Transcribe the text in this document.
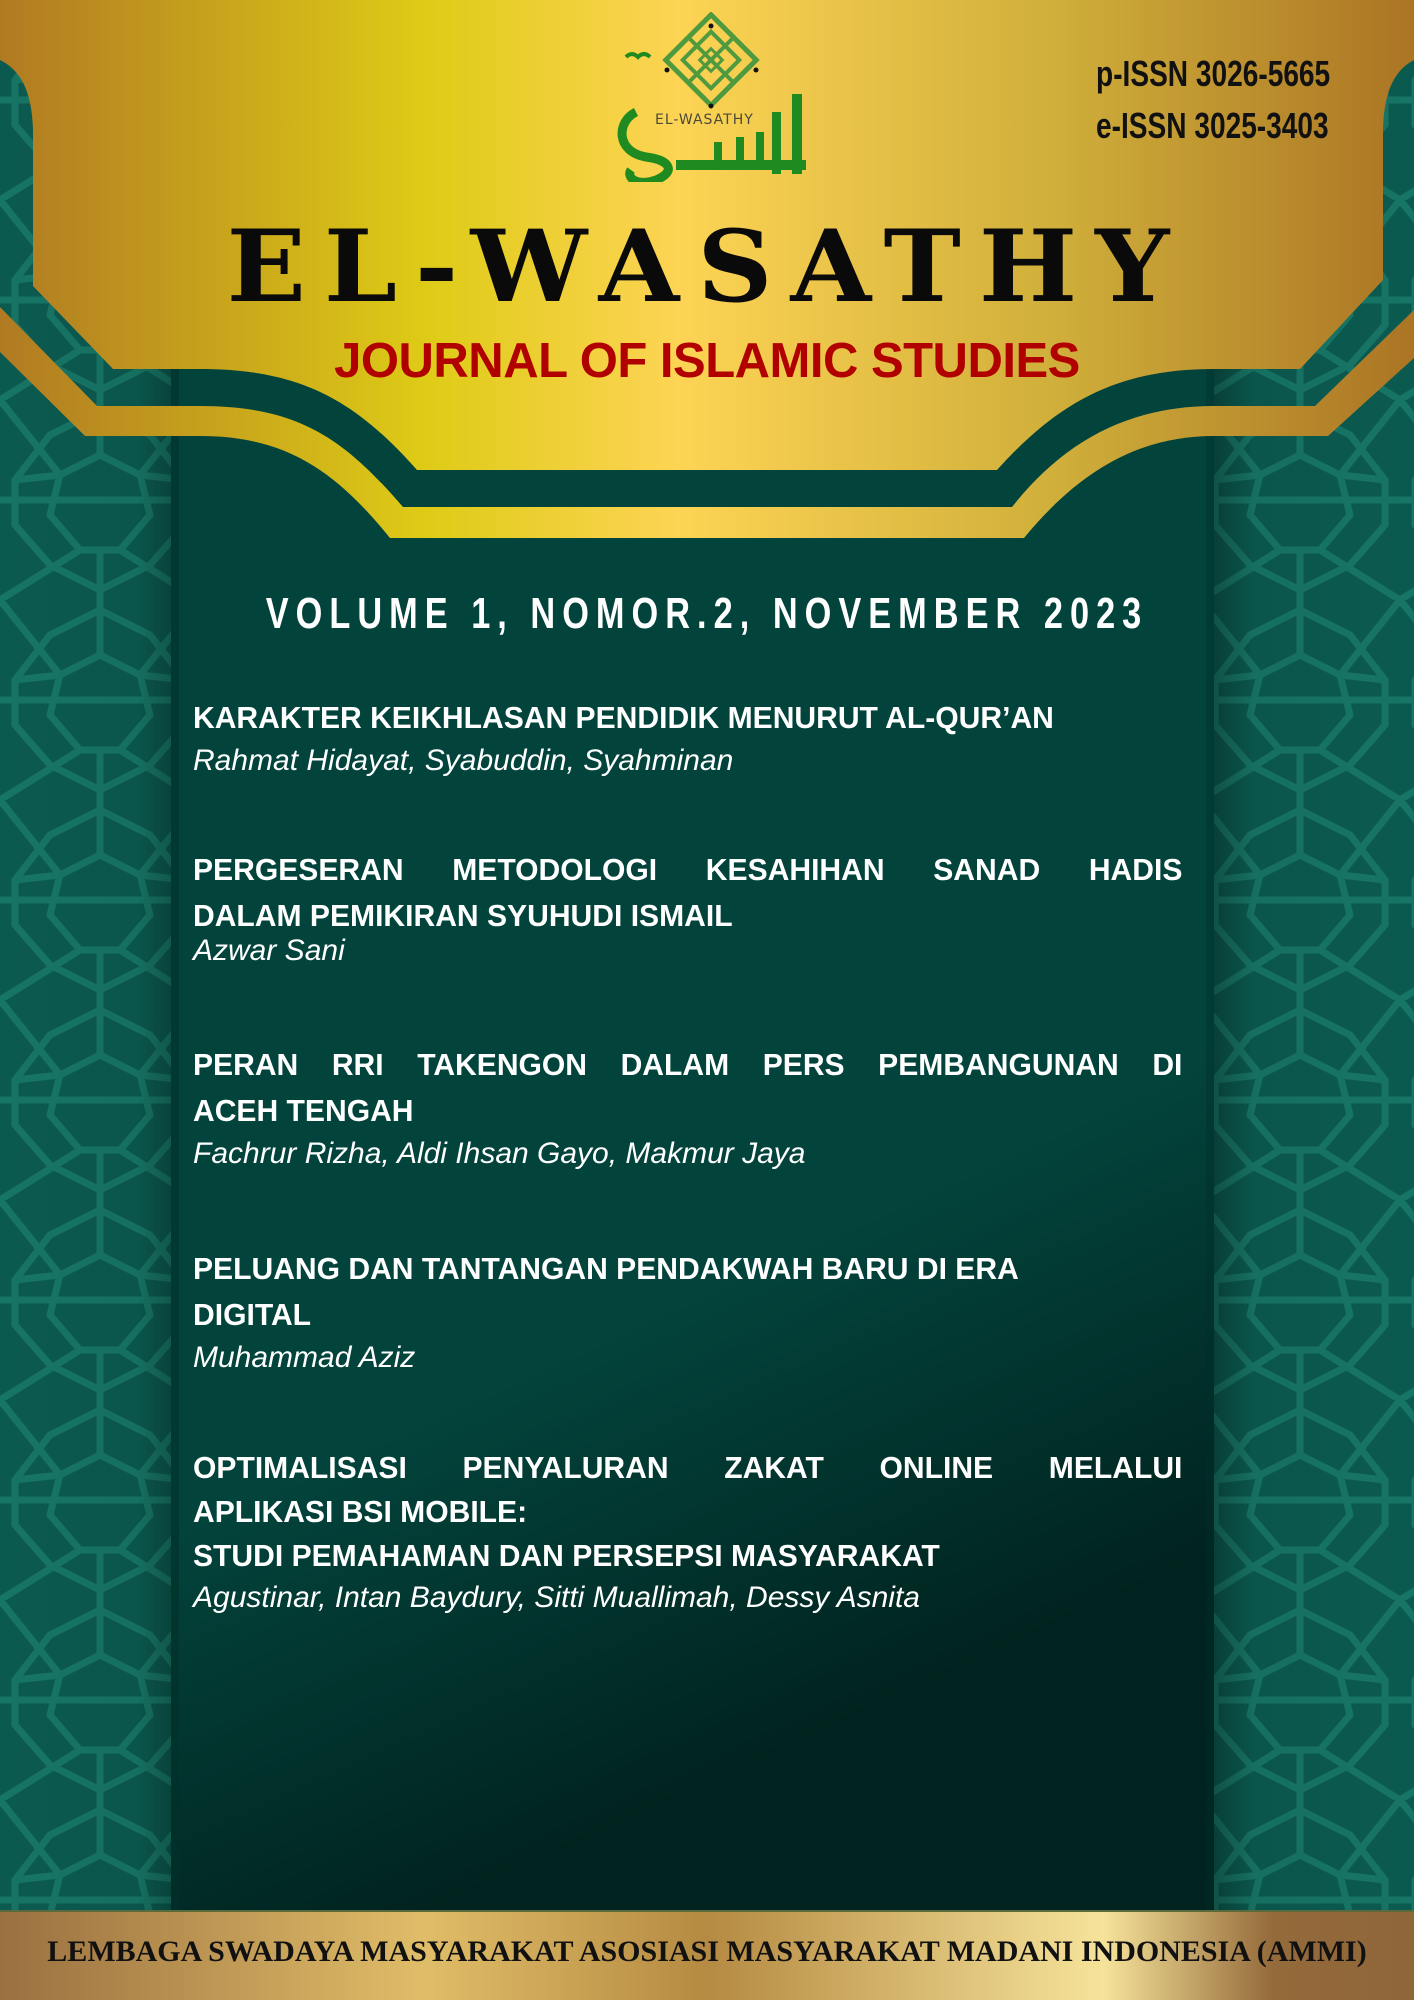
EL-WASATHY
p-ISSN 3026-5665
e-ISSN 3025-3403
EL-WASATHY
JOURNAL OF ISLAMIC STUDIES
VOLUME 1, NOMOR.2, NOVEMBER 2023
KARAKTER KEIKHLASAN PENDIDIK MENURUT AL-QUR’AN
Rahmat Hidayat, Syabuddin, Syahminan
PERGESERAN METODOLOGI KESAHIHAN SANAD HADIS
DALAM PEMIKIRAN SYUHUDI ISMAIL
Azwar Sani
PERAN RRI TAKENGON DALAM PERS PEMBANGUNAN DI
ACEH TENGAH
Fachrur Rizha, Aldi Ihsan Gayo, Makmur Jaya
PELUANG DAN TANTANGAN PENDAKWAH BARU DI ERA
DIGITAL
Muhammad Aziz
OPTIMALISASI PENYALURAN ZAKAT ONLINE MELALUI
APLIKASI BSI MOBILE:
STUDI PEMAHAMAN DAN PERSEPSI MASYARAKAT
Agustinar, Intan Baydury, Sitti Muallimah, Dessy Asnita
LEMBAGA SWADAYA MASYARAKAT ASOSIASI MASYARAKAT MADANI INDONESIA (AMMI)
